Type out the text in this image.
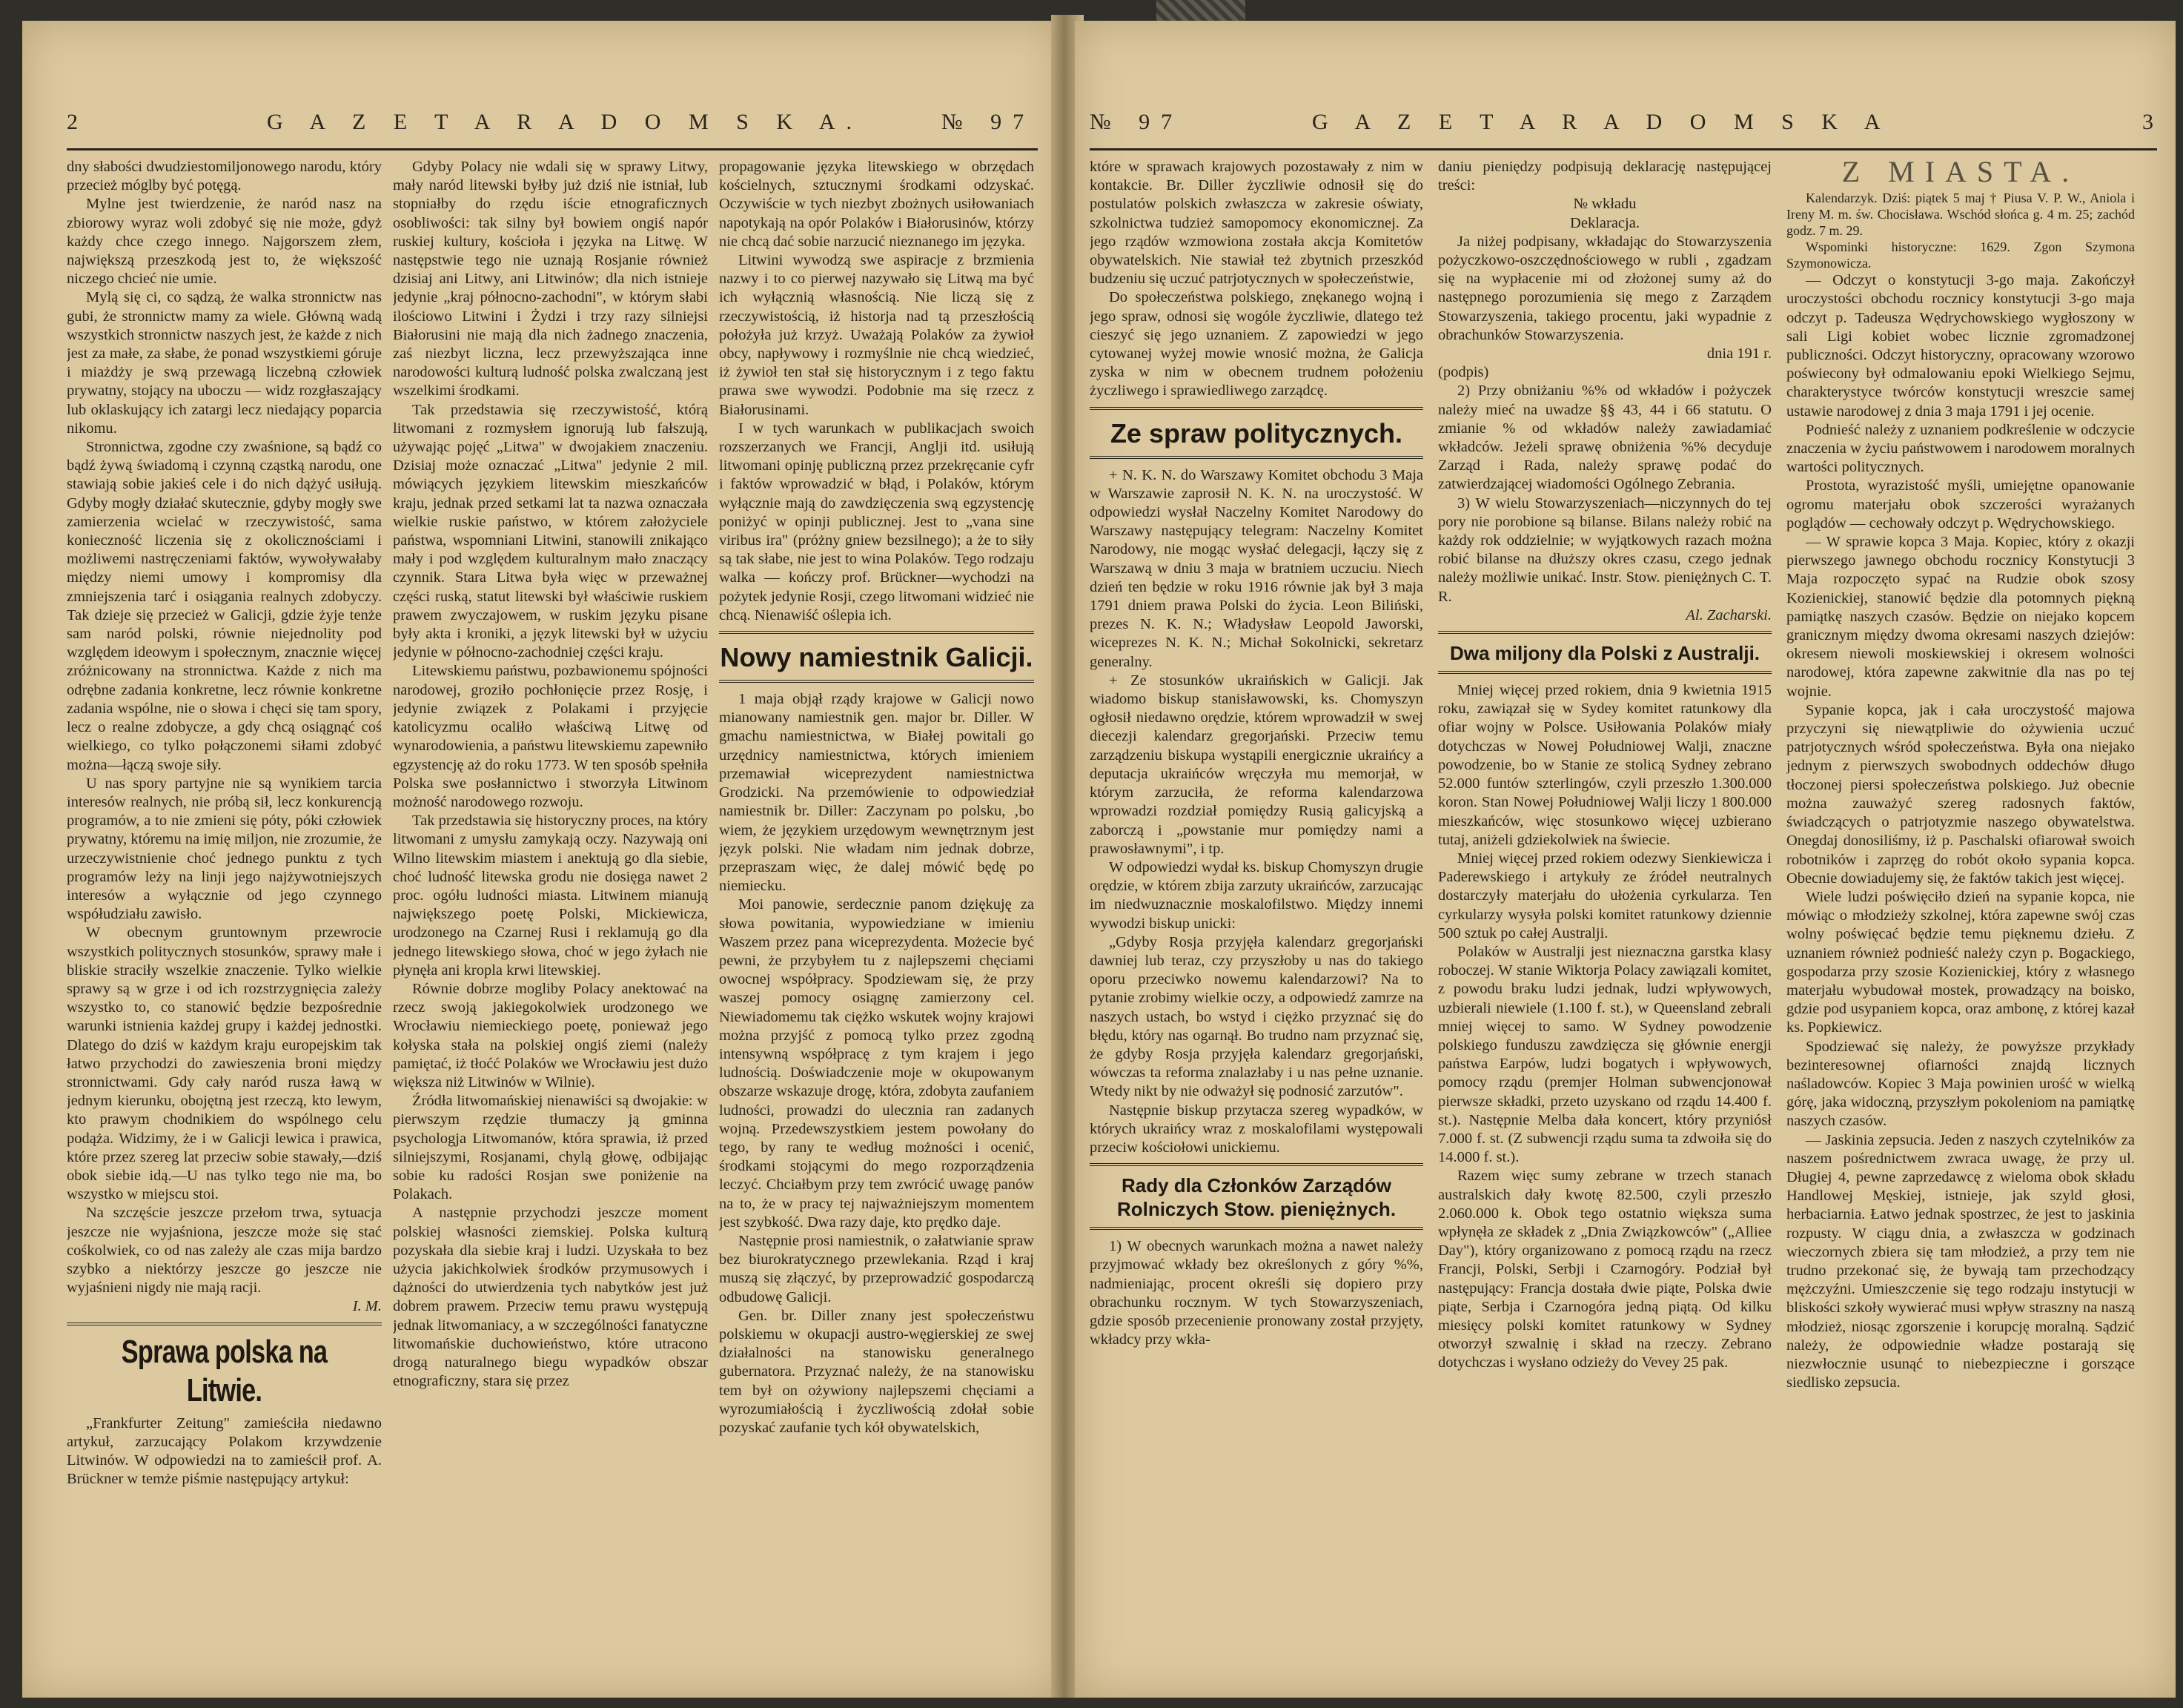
2	G A Z E T A R A D O M S K A.	№ 97

dny słabości dwudziestomiljonowego narodu, który przecież móglby być potęgą.

Mylne jest twierdzenie, że naród nasz na zbiorowy wyraz woli zdobyć się nie może, gdyż każdy chce czego innego. Najgorszem złem, największą przeszkodą jest to, że większość niczego chcieć nie umie.

Mylą się ci, co sądzą, że walka stronnictw nas gubi, że stronnictw mamy za wiele. Główną wadą wszystkich stronnictw naszych jest, że każde z nich jest za małe, za słabe, że ponad wszystkiemi góruje i miażdży je swą przewagą liczebną człowiek prywatny, stojący na uboczu — widz rozgłaszający lub oklaskujący ich zatargi lecz niedający poparcia nikomu.

Stronnictwa, zgodne czy zwaśnione, są bądź co bądź żywą świadomą i czynną cząstką narodu, one stawiają sobie jakieś cele i do nich dążyć usiłują. Gdyby mogły działać skutecznie, gdyby mogły swe zamierzenia wcielać w rzeczywistość, sama konieczność liczenia się z okolicznościami i możliwemi nastręczeniami faktów, wywoływałaby między niemi umowy i kompromisy dla zmniejszenia tarć i osiągania realnych zdobyczy. Tak dzieje się przecież w Galicji, gdzie żyje tenże sam naród polski, równie niejednolity pod względem ideowym i społecznym, znacznie więcej zróżnicowany na stronnictwa. Każde z nich ma odrębne zadania konkretne, lecz równie konkretne zadania wspólne, nie o słowa i chęci się tam spory, lecz o realne zdobycze, a gdy chcą osiągnąć coś wielkiego, co tylko połączonemi siłami zdobyć można—łączą swoje siły.

U nas spory partyjne nie są wynikiem tarcia interesów realnych, nie próbą sił, lecz konkurencją programów, a to nie zmieni się póty, póki człowiek prywatny, któremu na imię miljon, nie zrozumie, że urzeczywistnienie choć jednego punktu z tych programów leży na linji jego najżywotniejszych interesów a wyłącznie od jego czynnego współudziału zawisło.

W obecnym gruntownym przewrocie wszystkich politycznych stosunków, sprawy małe i bliskie straciły wszelkie znaczenie. Tylko wielkie sprawy są w grze i od ich rozstrzygnięcia zależy wszystko to, co stanowić będzie bezpośrednie warunki istnienia każdej grupy i każdej jednostki. Dlatego do dziś w każdym kraju europejskim tak łatwo przychodzi do zawieszenia broni między stronnictwami. Gdy cały naród rusza ławą w jednym kierunku, obojętną jest rzeczą, kto lewym, kto prawym chodnikiem do wspólnego celu podąża. Widzimy, że i w Galicji lewica i prawica, które przez szereg lat przeciw sobie stawały,—dziś obok siebie idą.—U nas tylko tego nie ma, bo wszystko w miejscu stoi.

Na szczęście jeszcze przełom trwa, sytuacja jeszcze nie wyjaśniona, jeszcze może się stać cośkolwiek, co od nas zależy ale czas mija bardzo szybko a niektórzy jeszcze go jeszcze nie wyjaśnieni nigdy nie mają racji.

I. M.

Sprawa polska na Litwie.

„Frankfurter Zeitung" zamieściła niedawno artykuł, zarzucający Polakom krzywdzenie Litwinów. W odpowiedzi na to zamieścił prof. A. Brückner w temże piśmie następujący artykuł:

Gdyby Polacy nie wdali się w sprawy Litwy, mały naród litewski byłby już dziś nie istniał, lub stopniałby do rzędu iście etnograficznych osobliwości: tak silny był bowiem ongiś napór ruskiej kultury, kościoła i języka na Litwę. W następstwie tego nie uznają Rosjanie również dzisiaj ani Litwy, ani Litwinów; dla nich istnieje jedynie „kraj północno-zachodni", w którym słabi ilościowo Litwini i Żydzi i trzy razy silniejsi Białorusini nie mają dla nich żadnego znaczenia, zaś niezbyt liczna, lecz przewyższająca inne narodowości kulturą ludność polska zwalczaną jest wszelkimi środkami.

Tak przedstawia się rzeczywistość, którą litwomani z rozmysłem ignorują lub fałszują, używając pojęć „Litwa" w dwojakiem znaczeniu. Dzisiaj może oznaczać „Litwa" jedynie 2 mil. mówiących językiem litewskim mieszkańców kraju, jednak przed setkami lat ta nazwa oznaczała wielkie ruskie państwo, w którem założyciele państwa, wspomniani Litwini, stanowili znikająco mały i pod względem kulturalnym mało znaczący czynnik. Stara Litwa była więc w przeważnej części ruską, statut litewski był właściwie ruskiem prawem zwyczajowem, w ruskim języku pisane były akta i kroniki, a język litewski był w użyciu jedynie w północno-zachodniej części kraju.

Litewskiemu państwu, pozbawionemu spójności narodowej, groziło pochłonięcie przez Rosję, i jedynie związek z Polakami i przyjęcie katolicyzmu ocaliło właściwą Litwę od wynarodowienia, a państwu litewskiemu zapewniło egzystencję aż do roku 1773. W ten sposób spełniła Polska swe posłannictwo i stworzyła Litwinom możność narodowego rozwoju.

Tak przedstawia się historyczny proces, na który litwomani z umysłu zamykają oczy. Nazywają oni Wilno litewskim miastem i anektują go dla siebie, choć ludność litewska grodu nie dosięga nawet 2 proc. ogółu ludności miasta. Litwinem mianują największego poetę Polski, Mickiewicza, urodzonego na Czarnej Rusi i reklamują go dla jednego litewskiego słowa, choć w jego żyłach nie płynęła ani kropla krwi litewskiej.

Równie dobrze mogliby Polacy anektować na rzecz swoją jakiegokolwiek urodzonego we Wrocławiu niemieckiego poetę, ponieważ jego kołyska stała na polskiej ongiś ziemi (należy pamiętać, iż tłoćć Polaków we Wrocławiu jest dużo większa niż Litwinów w Wilnie).

Źródła litwomańskiej nienawiści są dwojakie: w pierwszym rzędzie tłumaczy ją gminna psychologja Litwomanów, która sprawia, iż przed silniejszymi, Rosjanami, chylą głowę, odbijając sobie ku radości Rosjan swe poniżenie na Polakach.

A następnie przychodzi jeszcze moment polskiej własności ziemskiej. Polska kulturą pozyskała dla siebie kraj i ludzi. Uzyskała to bez użycia jakichkolwiek środków przymusowych i dążności do utwierdzenia tych nabytków jest już dobrem prawem. Przeciw temu prawu występują jednak litwomaniacy, a w szczególności fanatyczne litwomańskie duchowieństwo, które utracono drogą naturalnego biegu wypadków obszar etnograficzny, stara się przez

propagowanie języka litewskiego w obrzędach kościelnych, sztucznymi środkami odzyskać. Oczywiście w tych niezbyt zbożnych usiłowaniach napotykają na opór Polaków i Białorusinów, którzy nie chcą dać sobie narzucić nieznanego im języka.

Litwini wywodzą swe aspiracje z brzmienia nazwy i to co pierwej nazywało się Litwą ma być ich wyłącznią własnością. Nie liczą się z rzeczywistością, iż historja nad tą przeszłością położyła już krzyż. Uważają Polaków za żywioł obcy, napływowy i rozmyślnie nie chcą wiedzieć, iż żywioł ten stał się historycznym i z tego faktu prawa swe wywodzi. Podobnie ma się rzecz z Białorusinami.

I w tych warunkach w publikacjach swoich rozszerzanych we Francji, Anglji itd. usiłują litwomani opinję publiczną przez przekręcanie cyfr i faktów wprowadzić w błąd, i Polaków, którym wyłącznie mają do zawdzięczenia swą egzystencję poniżyć w opinji publicznej. Jest to „vana sine viribus ira" (próżny gniew bezsilnego); a że to siły są tak słabe, nie jest to wina Polaków. Tego rodzaju walka — kończy prof. Brückner—wychodzi na pożytek jedynie Rosji, czego litwomani widzieć nie chcą. Nienawiść oślepia ich.

Nowy namiestnik Galicji.

1 maja objął rządy krajowe w Galicji nowo mianowany namiestnik gen. major br. Diller. W gmachu namiestnictwa, w Białej powitali go urzędnicy namiestnictwa, których imieniem przemawiał wiceprezydent namiestnictwa Grodzicki. Na przemówienie to odpowiedział namiestnik br. Diller: Zaczynam po polsku, ‚bo wiem, że językiem urzędowym wewnętrznym jest język polski. Nie władam nim jednak dobrze, przepraszam więc, że dalej mówić będę po niemiecku.

Moi panowie, serdecznie panom dziękuję za słowa powitania, wypowiedziane w imieniu Waszem przez pana wiceprezydenta. Możecie być pewni, że przybyłem tu z najlepszemi chęciami owocnej współpracy. Spodziewam się, że przy waszej pomocy osiągnę zamierzony cel. Niewiadomemu tak ciężko wskutek wojny krajowi można przyjść z pomocą tylko przez zgodną intensywną współpracę z tym krajem i jego ludnością. Doświadczenie moje w okupowanym obszarze wskazuje drogę, która, zdobyta zaufaniem ludności, prowadzi do ulecznia ran zadanych wojną. Przedewszystkiem jestem powołany do tego, by rany te według możności i ocenić, środkami stojącymi do mego rozporządzenia leczyć. Chciałbym przy tem zwrócić uwagę panów na to, że w pracy tej najważniejszym momentem jest szybkość. Dwa razy daje, kto prędko daje.

Następnie prosi namiestnik, o załatwianie spraw bez biurokratycznego przewlekania. Rząd i kraj muszą się złączyć, by przeprowadzić gospodarczą odbudowę Galicji.

Gen. br. Diller znany jest społeczeństwu polskiemu w okupacji austro-węgierskiej ze swej działalności na stanowisku generalnego gubernatora. Przyznać należy, że na stanowisku tem był on ożywiony najlepszemi chęciami a wyrozumiałością i życzliwością zdołał sobie pozyskać zaufanie tych kół obywatelskich,

№ 97	G A Z E T A R A D O M S K A	3

które w sprawach krajowych pozostawały z nim w kontakcie. Br. Diller życzliwie odnosił się do postulatów polskich zwłaszcza w zakresie oświaty, szkolnictwa tudzież samopomocy ekonomicznej. Za jego rządów wzmowiona została akcja Komitetów obywatelskich. Nie stawiał też zbytnich przeszkód budzeniu się uczuć patrjotycznych w społeczeństwie,

Do społeczeństwa polskiego, znękanego wojną i jego spraw, odnosi się wogóle życzliwie, dlatego też cieszyć się jego uznaniem. Z zapowiedzi w jego cytowanej wyżej mowie wnosić można, że Galicja zyska w nim w obecnem trudnem położeniu życzliwego i sprawiedliwego zarządcę.

Ze spraw politycznych.

+ N. K. N. do Warszawy Komitet obchodu 3 Maja w Warszawie zaprosił N. K. N. na uroczystość. W odpowiedzi wysłał Naczelny Komitet Narodowy do Warszawy następujący telegram: Naczelny Komitet Narodowy, nie mogąc wysłać delegacji, łączy się z Warszawą w dniu 3 maja w bratniem uczuciu. Niech dzień ten będzie w roku 1916 równie jak był 3 maja 1791 dniem prawa Polski do życia. Leon Biliński, prezes N. K. N.; Władysław Leopold Jaworski, wiceprezes N. K. N.; Michał Sokolnicki, sekretarz generalny.

+ Ze stosunków ukraińskich w Galicji. Jak wiadomo biskup stanisławowski, ks. Chomyszyn ogłosił niedawno orędzie, którem wprowadził w swej diecezji kalendarz gregorjański. Przeciw temu zarządzeniu biskupa wystąpili energicznie ukraińcy a deputacja ukraińców wręczyła mu memorjał, w którym zarzuciła, że reforma kalendarzowa wprowadzi rozdział pomiędzy Rusią galicyjską a zaborczą i „powstanie mur pomiędzy nami a prawosławnymi", i tp.

W odpowiedzi wydał ks. biskup Chomyszyn drugie orędzie, w którem zbija zarzuty ukraińców, zarzucając im niedwuznacznie moskalofilstwo. Między innemi wywodzi biskup unicki:

„Gdyby Rosja przyjęła kalendarz gregorjański dawniej lub teraz, czy przyszłoby u nas do takiego oporu przeciwko nowemu kalendarzowi? Na to pytanie zrobimy wielkie oczy, a odpowiedź zamrze na naszych ustach, bo wstyd i ciężko przyznać się do błędu, który nas ogarnął. Bo trudno nam przyznać się, że gdyby Rosja przyjęła kalendarz gregorjański, wówczas ta reforma znalazłaby i u nas pełne uznanie. Wtedy nikt by nie odważył się podnosić zarzutów".

Następnie biskup przytacza szereg wypadków, w których ukraińcy wraz z moskalofilami występowali przeciw kościołowi unickiemu.

Rady dla Członków Zarządów Rolniczych Stow. pieniężnych.

1) W obecnych warunkach można a nawet należy przyjmować wkłady bez określonych z góry %%, nadmieniając, procent określi się dopiero przy obrachunku rocznym. W tych Stowarzyszeniach, gdzie sposób przecenienie pronowany został przyjęty, wkładcy przy wkła-

daniu pieniędzy podpisują deklarację następującej treści:

№ wkładu

Deklaracja.

Ja niżej podpisany, wkładając do Stowarzyszenia pożyczkowo-oszczędnościowego w rubli , zgadzam się na wypłacenie mi od złożonej sumy aż do następnego porozumienia się mego z Zarządem Stowarzyszenia, takiego procentu, jaki wypadnie z obrachunków Stowarzyszenia.

dnia 191 r.

(podpis)

2) Przy obniżaniu %% od wkładów i pożyczek należy mieć na uwadze §§ 43, 44 i 66 statutu. O zmianie % od wkładów należy zawiadamiać wkładców. Jeżeli sprawę obniżenia %% decyduje Zarząd i Rada, należy sprawę podać do zatwierdzającej wiadomości Ogólnego Zebrania.

3) W wielu Stowarzyszeniach—niczynnych do tej pory nie porobione są bilanse. Bilans należy robić na każdy rok oddzielnie; w wyjątkowych razach można robić bilanse na dłuższy okres czasu, czego jednak należy możliwie unikać. Instr. Stow. pieniężnych C. T. R.

Al. Zacharski.

Dwa miljony dla Polski z Australji.

Mniej więcej przed rokiem, dnia 9 kwietnia 1915 roku, zawiązał się w Sydey komitet ratunkowy dla ofiar wojny w Polsce. Usiłowania Polaków miały dotychczas w Nowej Południowej Walji, znaczne powodzenie, bo w Stanie ze stolicą Sydney zebrano 52.000 funtów szterlingów, czyli przeszło 1.300.000 koron. Stan Nowej Południowej Walji liczy 1 800.000 mieszkańców, więc stosunkowo więcej uzbierano tutaj, aniżeli gdziekolwiek na świecie.

Mniej więcej przed rokiem odezwy Sienkiewicza i Paderewskiego i artykuły ze źródeł neutralnych dostarczyły materjału do ułożenia cyrkularza. Ten cyrkularzy wysyła polski komitet ratunkowy dziennie 500 sztuk po całej Australji.

Polaków w Australji jest nieznaczna garstka klasy roboczej. W stanie Wiktorja Polacy zawiązali komitet, z powodu braku ludzi jednak, ludzi wpływowych, uzbierali niewiele (1.100 f. st.), w Queensland zebrali mniej więcej to samo. W Sydney powodzenie polskiego funduszu zawdzięcza się głównie energji państwa Earpów, ludzi bogatych i wpływowych, pomocy rządu (premjer Holman subwencjonował pierwsze składki, przeto uzyskano od rządu 14.400 f. st.). Następnie Melba dała koncert, który przyniósł 7.000 f. st. (Z subwencji rządu suma ta zdwoiła się do 14.000 f. st.).

Razem więc sumy zebrane w trzech stanach australskich dały kwotę 82.500, czyli przeszło 2.060.000 k. Obok tego ostatnio większa suma wpłynęła ze składek z „Dnia Związkowców" („Alliee Day"), który organizowano z pomocą rządu na rzecz Francji, Polski, Serbji i Czarnogóry. Podział był następujący: Francja dostała dwie piąte, Polska dwie piąte, Serbja i Czarnogóra jedną piątą. Od kilku miesięcy polski komitet ratunkowy w Sydney otworzył szwalnię i skład na rzeczy. Zebrano dotychczas i wysłano odzieży do Vevey 25 pak.

Z MIASTA.

Kalendarzyk. Dziś: piątek 5 maj † Piusa V. P. W., Aniola i Ireny M. m. św. Chocisława. Wschód słońca g. 4 m. 25; zachód godz. 7 m. 29.

Wspominki historyczne: 1629. Zgon Szymona Szymonowicza.

— Odczyt o konstytucji 3-go maja. Zakończył uroczystości obchodu rocznicy konstytucji 3-go maja odczyt p. Tadeusza Wędrychowskiego wygłoszony w sali Ligi kobiet wobec licznie zgromadzonej publiczności. Odczyt historyczny, opracowany wzorowo poświecony był odmalowaniu epoki Wielkiego Sejmu, charakterystyce twórców konstytucji wreszcie samej ustawie narodowej z dnia 3 maja 1791 i jej ocenie.

Podnieść należy z uznaniem podkreślenie w odczycie znaczenia w życiu państwowem i narodowem moralnych wartości politycznych.

Prostota, wyrazistość myśli, umiejętne opanowanie ogromu materjału obok szczerości wyrażanych poglądów — cechowały odczyt p. Wędrychowskiego.

— W sprawie kopca 3 Maja. Kopiec, który z okazji pierwszego jawnego obchodu rocznicy Konstytucji 3 Maja rozpoczęto sypać na Rudzie obok szosy Kozienickiej, stanowić będzie dla potomnych piękną pamiątkę naszych czasów. Będzie on niejako kopcem granicznym między dwoma okresami naszych dziejów: okresem niewoli moskiewskiej i okresem wolności narodowej, która zapewne zakwitnie dla nas po tej wojnie.

Sypanie kopca, jak i cała uroczystość majowa przyczyni się niewątpliwie do ożywienia uczuć patrjotycznych wśród społeczeństwa. Była ona niejako jednym z pierwszych swobodnych oddechów długo tłoczonej piersi społeczeństwa polskiego. Już obecnie można zauważyć szereg radosnych faktów, świadczących o patrjotyzmie naszego obywatelstwa. Onegdaj donosiliśmy, iż p. Paschalski ofiarował swoich robotników i zaprzęg do robót około sypania kopca. Obecnie dowiadujemy się, że faktów takich jest więcej.

Wiele ludzi poświęciło dzień na sypanie kopca, nie mówiąc o młodzieży szkolnej, która zapewne swój czas wolny poświęcać będzie temu pięknemu dziełu. Z uznaniem również podnieść należy czyn p. Bogackiego, gospodarza przy szosie Kozienickiej, który z własnego materjału wybudował mostek, prowadzący na boisko, gdzie pod usypaniem kopca, oraz ambonę, z której kazał ks. Popkiewicz.

Spodziewać się należy, że powyższe przykłady bezinteresownej ofiarności znajdą licznych naśladowców. Kopiec 3 Maja powinien urość w wielką górę, jaka widoczną, przyszłym pokoleniom na pamiątkę naszych czasów.

— Jaskinia zepsucia. Jeden z naszych czytelników za naszem pośrednictwem zwraca uwagę, że przy ul. Długiej 4, pewne zaprzedawcę z wieloma obok składu Handlowej Męskiej, istnieje, jak szyld głosi, herbaciarnia. Łatwo jednak spostrzec, że jest to jaskinia rozpusty. W ciągu dnia, a zwłaszcza w godzinach wieczornych zbiera się tam młodzież, a przy tem nie trudno przekonać się, że bywają tam przechodzący mężczyźni. Umieszczenie się tego rodzaju instytucji w bliskości szkoły wywierać musi wpływ straszny na naszą młodzież, niosąc zgorszenie i korupcję moralną. Sądzić należy, że odpowiednie władze postarają się niezwłocznie usunąć to niebezpieczne i gorszące siedlisko zepsucia.
